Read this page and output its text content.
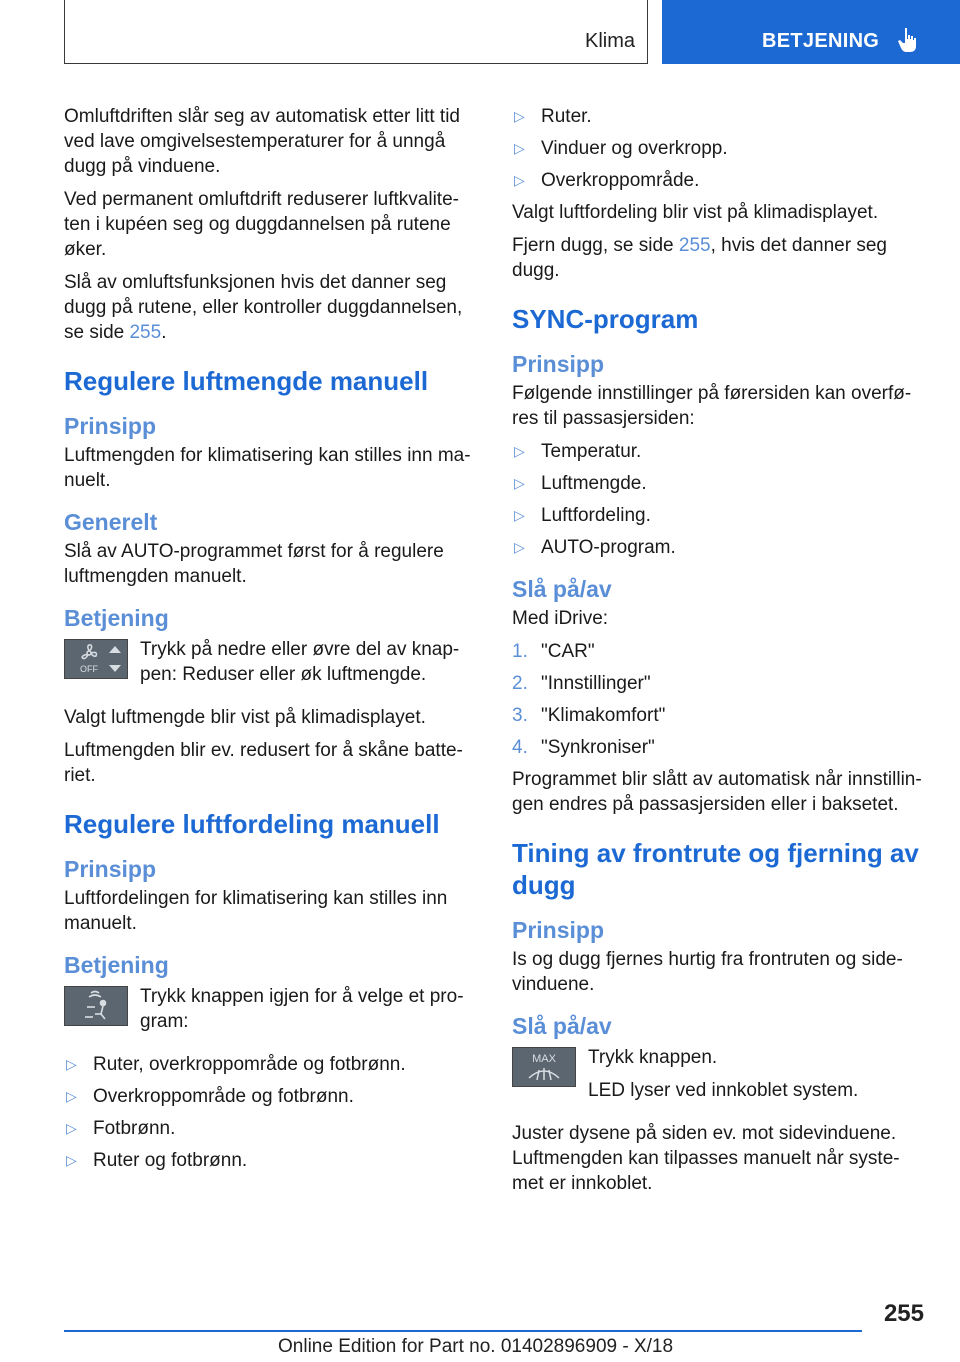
Klima	BETJENING

Omluftdriften slår seg av automatisk etter litt tid ved lave omgivelsestemperaturer for å unngå dugg på vinduene.

Ved permanent omluftdrift reduserer luftkvalite-ten i kupéen seg og duggdannelsen på rutene øker.

Slå av omluftsfunksjonen hvis det danner seg dugg på rutene, eller kontroller duggdannelsen, se side 255.

Regulere luftmengde manuell
Prinsipp

Luftmengden for klimatisering kan stilles inn ma-nuelt.

Generelt

Slå av AUTO-programmet først for å regulere luftmengden manuelt.

Betjening
OFF

Trykk på nedre eller øvre del av knap-pen: Reduser eller øk luftmengde.

Valgt luftmengde blir vist på klimadisplayet.

Luftmengden blir ev. redusert for å skåne batte-riet.

Regulere luftfordeling manuell
Prinsipp

Luftfordelingen for klimatisering kan stilles inn manuelt.

Betjening

Trykk knappen igjen for å velge et pro-gram:

▷ Ruter, overkroppområde og fotbrønn.
▷ Overkroppområde og fotbrønn.
▷ Fotbrønn.
▷ Ruter og fotbrønn.
▷ Ruter.
▷ Vinduer og overkropp.
▷ Overkroppområde.

Valgt luftfordeling blir vist på klimadisplayet.

Fjern dugg, se side 255, hvis det danner seg dugg.

SYNC-program
Prinsipp

Følgende innstillinger på førersiden kan overfø-res til passasjersiden:

▷ Temperatur.
▷ Luftmengde.
▷ Luftfordeling.
▷ AUTO-program.
Slå på/av

Med iDrive:

1. "CAR"
2. "Innstillinger"
3. "Klimakomfort"
4. "Synkroniser"

Programmet blir slått av automatisk når innstillin-gen endres på passasjersiden eller i baksetet.

Tining av frontrute og fjerning av dugg
Prinsipp

Is og dugg fjernes hurtig fra frontruten og side-vinduene.

Slå på/av
MAX Trykk knappen.

LED lyser ved innkoblet system.

Juster dysene på siden ev. mot sidevinduene. Luftmengden kan tilpasses manuelt når syste-met er innkoblet.

255
Online Edition for Part no. 01402896909 - X/18
